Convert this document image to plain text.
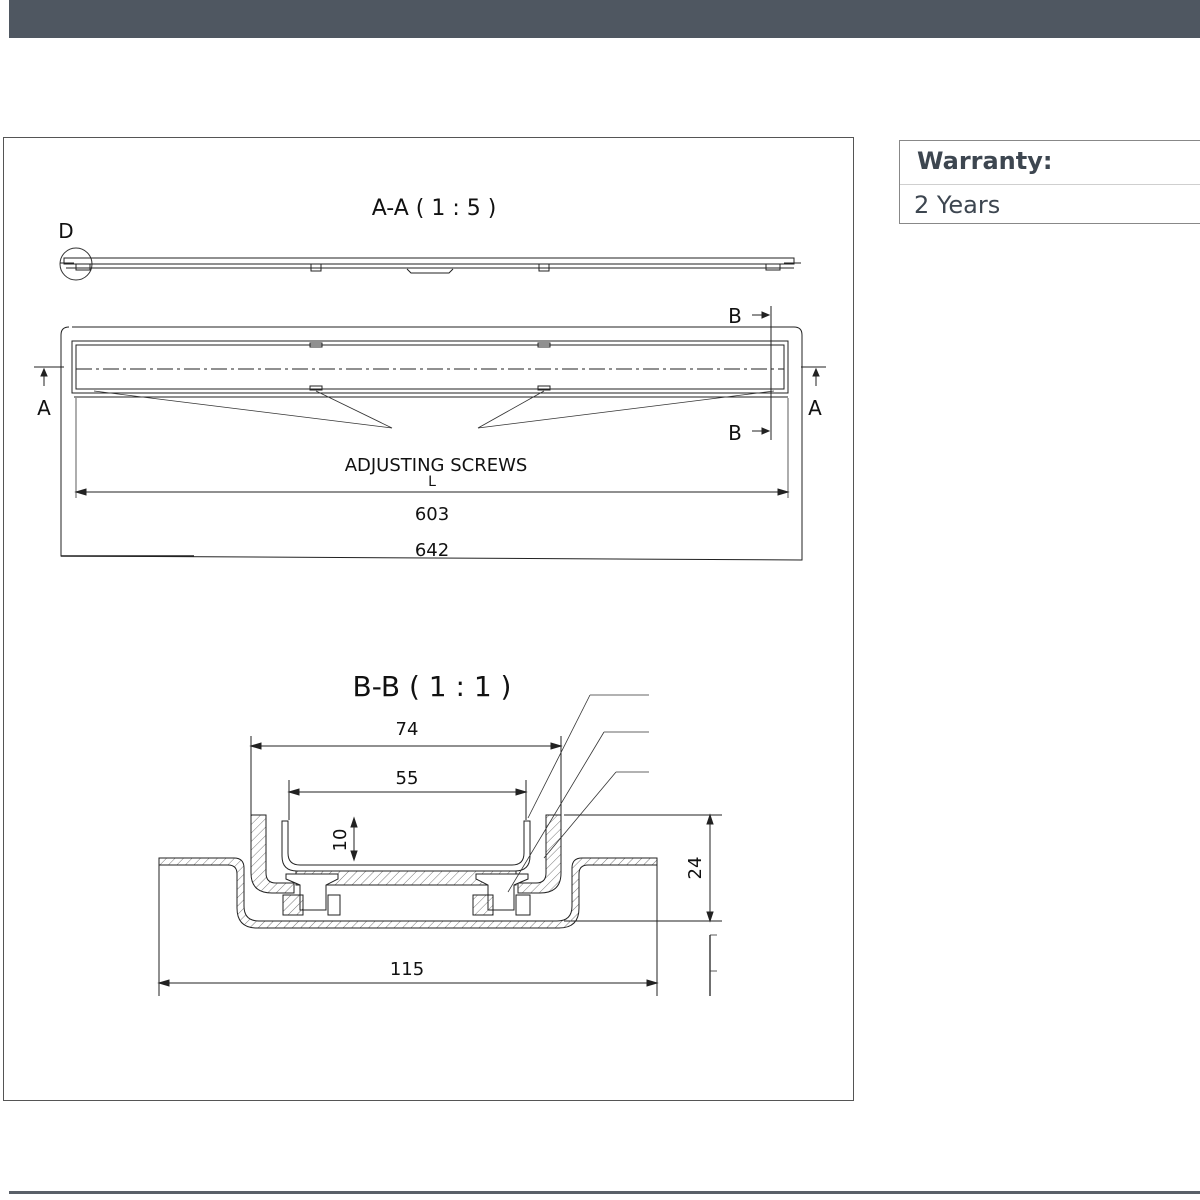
A-A ( 1 : 5 )
D
ADJUSTING SCREWS
L
603
642
A	A
B
B
B-B ( 1 : 1 )
74
55
10
24
115
Warranty:
2 Years
